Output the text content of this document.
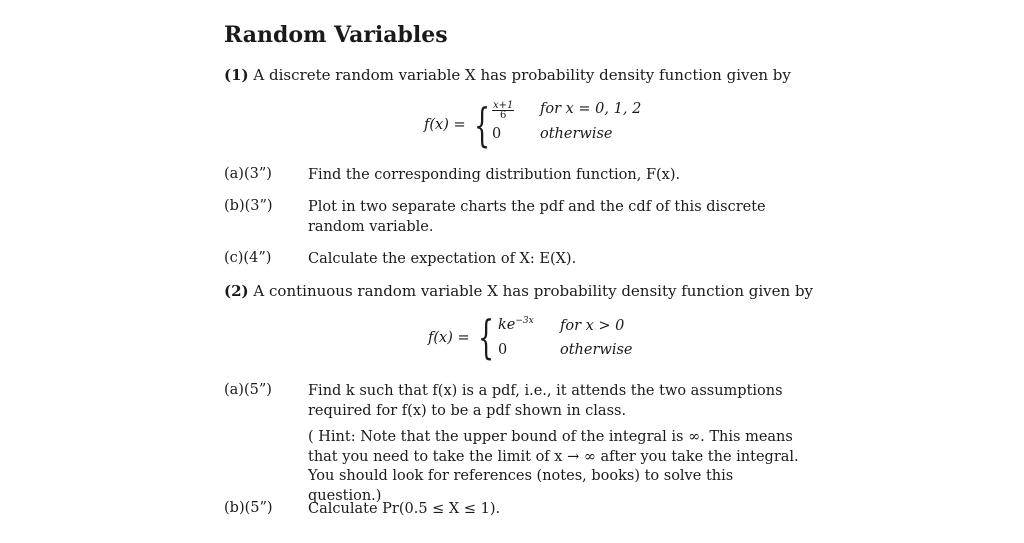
Random Variables
(1) A discrete random variable X has probability density function given by
f(x) = { $\frac{x+1}{6}$ for x = 0, 1, 2
0	otherwise
(a)(3”) Find the corresponding distribution function, F(x).
(b)(3”) Plot in two separate charts the pdf and the cdf of this discrete random variable.
(c)(4”)	Calculate the expectation of X: E(X).
(2) A continuous random variable X has probability density function given by
f(x) = { $ke^{-3x}$ for x > 0
0	otherwise
(a)(5”) Find k such that f(x) is a pdf, i.e., it attends the two assumptions required for f(x) to be a pdf shown in class.
( Hint: Note that the upper bound of the integral is ∞. This means that you need to take the limit of x → ∞ after you take the integral. You should look for references (notes, books) to solve this question.)
(b)(5”) Calculate Pr(0.5 ≤ X ≤ 1).
